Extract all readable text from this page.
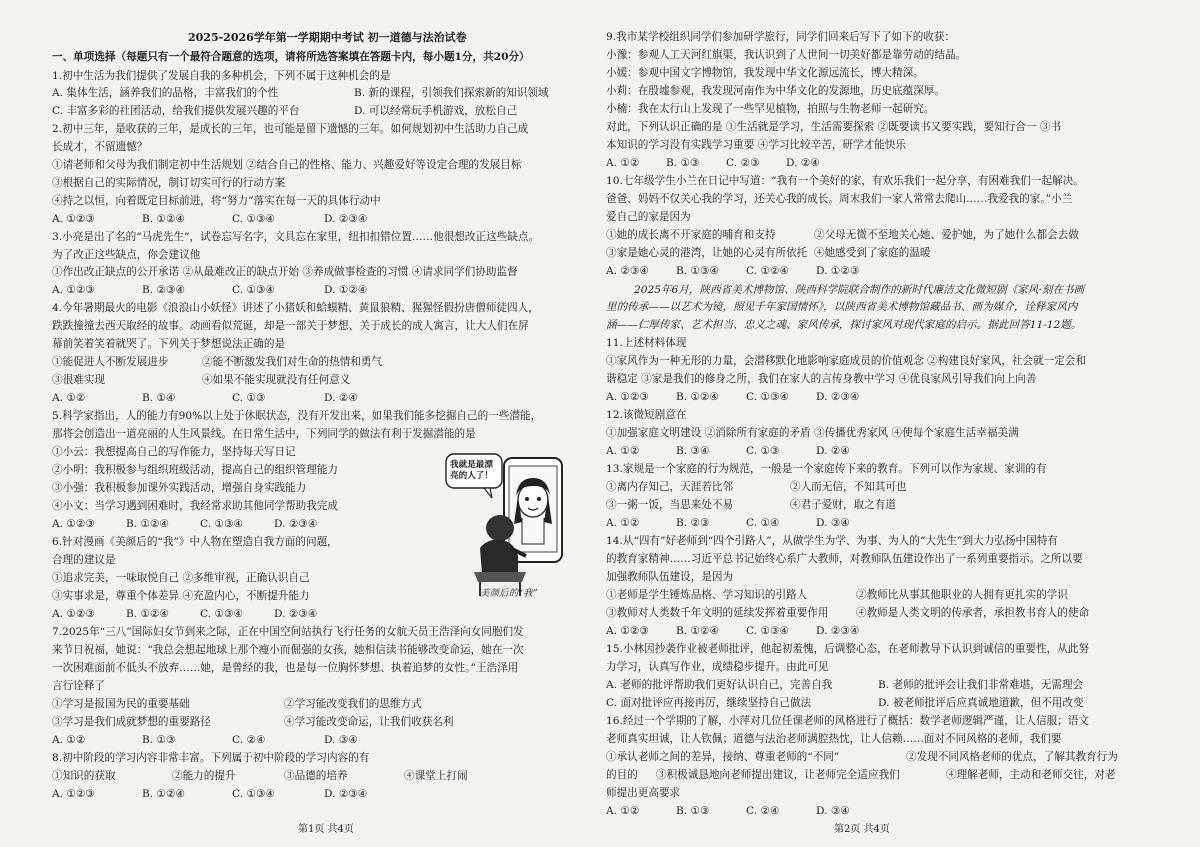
2025-2026学年第一学期期中考试 初一道德与法治试卷
一、单项选择（每题只有一个最符合题意的选项，请将所选答案填在答题卡内，每小题1分，共20分）
1.初中生活为我们提供了发展自我的多种机会，下列不属于这种机会的是
A. 集体生活，涵养我们的品格，丰富我们的个性	B. 新的课程，引领我们探索新的知识领域
C. 丰富多彩的社团活动，给我们提供发展兴趣的平台	D. 可以经常玩手机游戏，放松自己
2.初中三年，是收获的三年，是成长的三年，也可能是留下遗憾的三年。如何规划初中生活助力自己成
长成才，不留遗憾？
①请老师和父母为我们制定初中生活规划 ②结合自己的性格、能力、兴趣爱好等设定合理的发展目标
③根据自己的实际情况，制订切实可行的行动方案
④持之以恒，向着既定目标前进，将“努力”落实在每一天的具体行动中
A. ①②③	B. ①②④	C. ①③④	D. ②③④
3.小亮是出了名的“马虎先生”，试卷忘写名字，文具忘在家里，纽扣扣错位置……他很想改正这些缺点。
为了改正这些缺点，你会建议他
①作出改正缺点的公开承诺 ②从最难改正的缺点开始 ③养成做事检查的习惯 ④请求同学们协助监督
A. ①②③	B. ②③④	C. ①③④	D. ①②④
4.今年暑期最火的电影《浪浪山小妖怪》讲述了小猪妖和蛤蟆精、黄鼠狼精、猩猩怪假扮唐僧师徒四人，
跌跌撞撞去西天取经的故事。动画看似荒诞，却是一部关于梦想、关于成长的成人寓言，让大人们在屏
幕前笑着笑着就哭了。下列关于梦想说法正确的是
①能促进人不断发展进步	②能不断激发我们对生命的热情和勇气
③很难实现	④如果不能实现就没有任何意义
A. ①②	B. ①④	C. ①③	D. ②④
5.科学家指出，人的能力有90%以上处于休眠状态，没有开发出来，如果我们能多挖掘自己的一些潜能，
那将会创造出一道亮丽的人生风景线。在日常生活中，下列同学的做法有利于发掘潜能的是
①小云：我想提高自己的写作能力，坚持每天写日记
②小明：我积极参与组织班级活动，提高自己的组织管理能力
③小强：我积极参加课外实践活动，增强自身实践能力
④小文：当学习遇到困难时，我经常求助其他同学帮助我完成
A. ①②③	B. ①②④	C. ①③④	D. ②③④
6.针对漫画《美颜后的“我”》中人物在塑造自我方面的问题，
合理的建议是
①追求完美，一味取悦自己 ②多维审视，正确认识自己
③实事求是，尊重个体差异 ④充盈内心，不断提升能力
A. ①②③	B. ①②④	C. ①③④	D. ②③④
7.2025年“三八”国际妇女节到来之际，正在中国空间站执行飞行任务的女航天员王浩泽向女同胞们发
来节日祝福，她说：“我总会想起地球上那个瘦小而倔强的女孩，她相信读书能够改变命运，她在一次
一次困难面前不低头不放弃……她，是曾经的我，也是每一位胸怀梦想、执着追梦的女性。”王浩泽用
言行诠释了
①学习是报国为民的重要基础	②学习能改变我们的思维方式
③学习是我们成就梦想的重要路径	④学习能改变命运，让我们收获名利
A. ①②	B. ①③	C. ②④	D. ③④
8.初中阶段的学习内容非常丰富。下列属于初中阶段的学习内容的有
①知识的获取	②能力的提升	③品德的培养	④课堂上打闹
A. ①②③	B. ①②④	C. ①③④	D. ②③④
第1页 共4页
我就是最漂亮的人了！
美颜后的“我”
9.我市某学校组织同学们参加研学旅行，同学们回来后写下了如下的收获：
小豫：参观人工天河红旗渠，我认识到了人世间一切美好都是靠劳动的结晶。
小媛：参观中国文字博物馆，我发现中华文化源远流长，博大精深。
小莉：在殷墟参观，我发现河南作为中华文化的发源地，历史底蕴深厚。
小楠：我在太行山上发现了一些罕见植物，拍照与生物老师一起研究。
对此，下列认识正确的是 ①生活就是学习，生活需要探索 ②既要读书又要实践，要知行合一 ③书
本知识的学习没有实践学习重要 ④学习比较辛苦，研学才能快乐
A. ①②	B. ①③ C. ②③	D. ②④
10.七年级学生小兰在日记中写道：“我有一个美好的家，有欢乐我们一起分享，有困难我们一起解决。
爸爸、妈妈不仅关心我的学习，还关心我的成长。周末我们一家人常常去爬山……我爱我的家。”小兰
爱自己的家是因为
①她的成长离不开家庭的哺育和支持	②父母无微不至地关心她、爱护她，为了她什么都会去做
③家是她心灵的港湾，让她的心灵有所依托 ④她感受到了家庭的温暖
A. ②③④	B. ①③④	C. ①②④	D. ①②③
2025年6月，陕西省美术博物馆、陕西科学院联合制作的新时代廉洁文化微短剧《家风·刻在书画
里的传承——以艺术为镜，照见千年家国情怀》，以陕西省美术博物馆藏品书、画为媒介，诠释家风内
涵——仁厚传家、艺术担当、忠义之魂、家风传承，探讨家风对现代家庭的启示。据此回答11-12题。
11.上述材料体现
①家风作为一种无形的力量，会潜移默化地影响家庭成员的价值观念 ②构建良好家风，社会就一定会和
谐稳定 ③家是我们的修身之所，我们在家人的言传身教中学习 ④优良家风引导我们向上向善
A. ①②③	B. ①②④	C. ①③④	D. ②③④
12.该微短剧意在
①加强家庭文明建设 ②消除所有家庭的矛盾 ③传播优秀家风 ④使每个家庭生活幸福美满
A. ①②	B. ③④	C. ①③	D. ②④
13.家规是一个家庭的行为规范，一般是一个家庭传下来的教育。下列可以作为家规、家训的有
①离内存知己，天涯若比邻	②人而无信，不知其可也
③一粥一饭，当思来处不易	④君子爱财，取之有道
A. ①②	B. ②③	C. ①④	D. ③④
14.从“四有”好老师到“四个引路人”，从做学生为学、为事、为人的“大先生”到大力弘扬中国特有
的教育家精神……习近平总书记始终心系广大教师，对教师队伍建设作出了一系列重要指示。之所以要
加强教师队伍建设，是因为
①老师是学生锤炼品格、学习知识的引路人	②教师比从事其他职业的人拥有更扎实的学识
③教师对人类数千年文明的延续发挥着重要作用	④教师是人类文明的传承者，承担教书育人的使命
A. ①②③	B. ①②④	C. ①③④	D. ②③④
15.小林因抄袭作业被老师批评，他起初羞愧，后调整心态，在老师教导下认识到诚信的重要性，从此努
力学习，认真写作业，成绩稳步提升。由此可见
A. 老师的批评帮助我们更好认识自己，完善自我	B. 老师的批评会让我们非常难堪，无需理会
C. 面对批评应再接再厉，继续坚持自己做法	D. 被老师批评后应真诚地道歉，但不用改变
16.经过一个学期的了解，小萍对几位任课老师的风格进行了概括：数学老师逻辑严谨，让人信服；语文
老师真实坦诚，让人钦佩；道德与法治老师满腔热忱，让人信赖……面对不同风格的老师，我们要
①承认老师之间的差异，接纳、尊重老师的“不同”	②发现不同风格老师的优点，了解其教育行为
的目的 ③积极诚恳地向老师提出建议，让老师完全适应我们	④理解老师，主动和老师交往，对老
师提出更高要求
A. ①②	B. ①③	C. ②④	D. ③④
第2页 共4页
